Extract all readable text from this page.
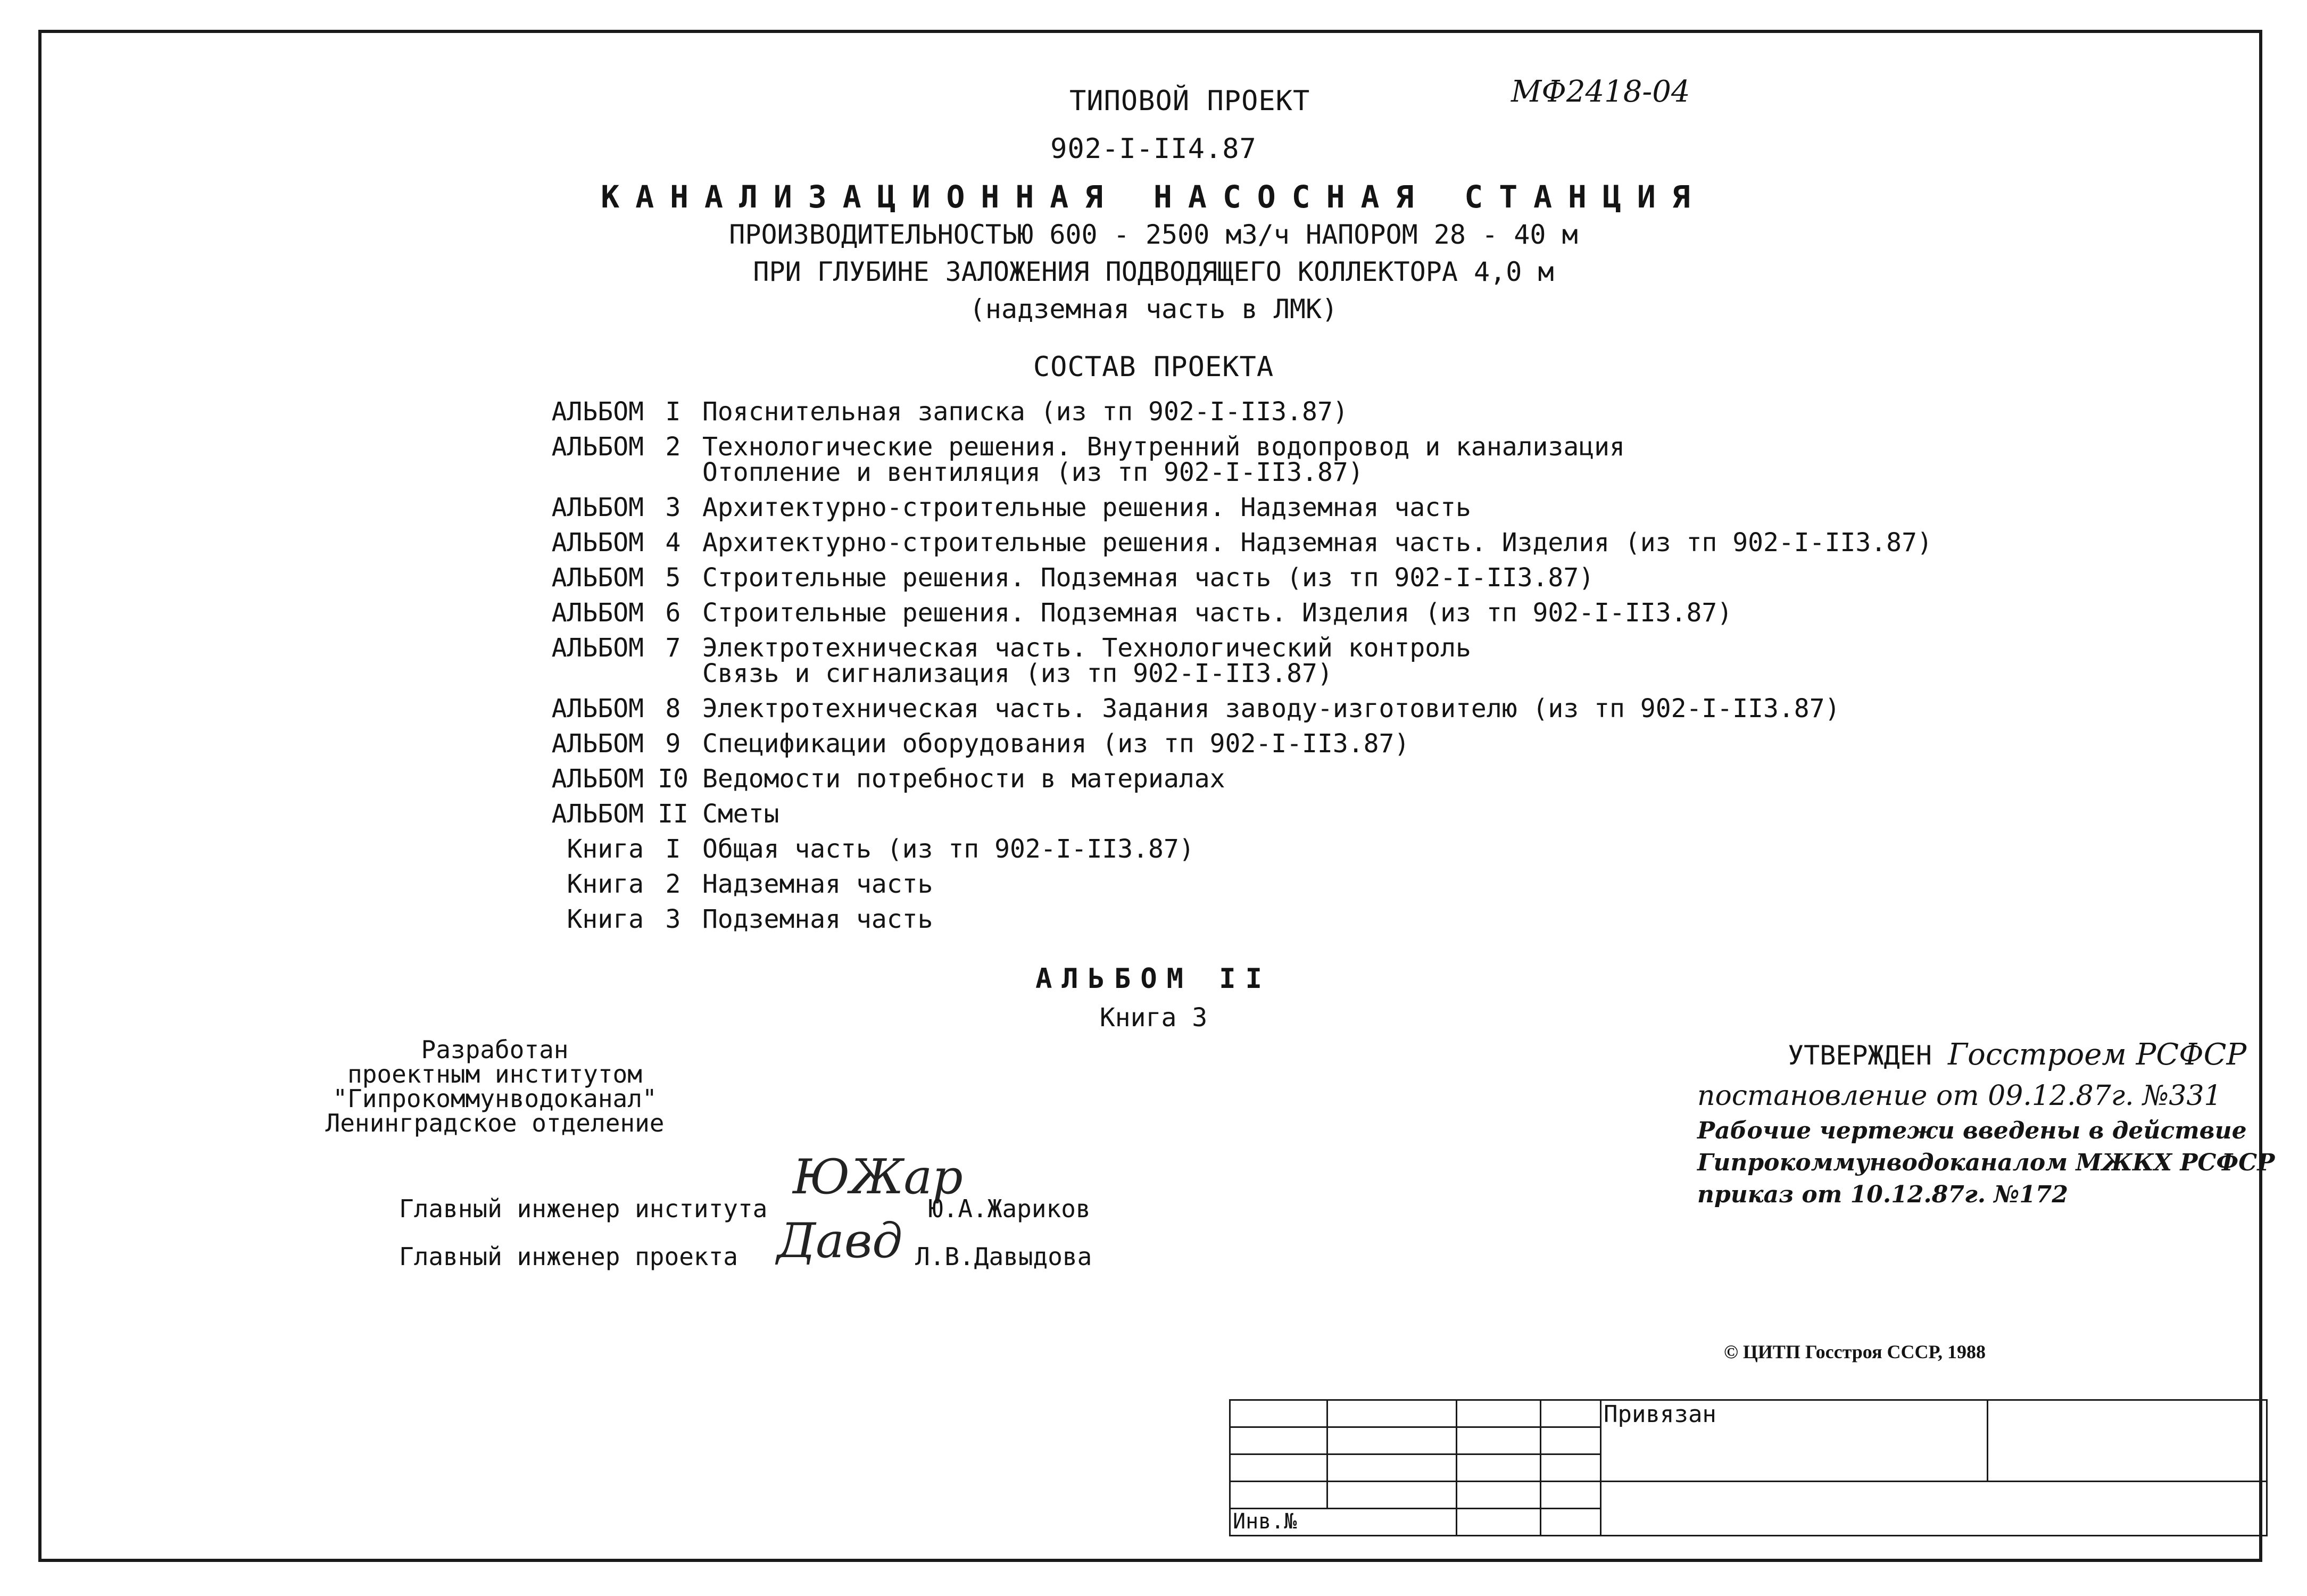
ТИПОВОЙ ПРОЕКТ	МФ2418-04
902-I-II4.87
КАНАЛИЗАЦИОННАЯ НАСОСНАЯ СТАНЦИЯ
ПРОИЗВОДИТЕЛЬНОСТЬЮ 600 - 2500 м3/ч НАПОРОМ 28 - 40 м
ПРИ ГЛУБИНЕ ЗАЛОЖЕНИЯ ПОДВОДЯЩЕГО КОЛЛЕКТОРА 4,0 м
(надземная часть в ЛМК)
СОСТАВ ПРОЕКТА
АЛЬБОМ I Пояснительная записка (из тп 902-I-II3.87)
АЛЬБОМ 2 Технологические решения. Внутренний водопровод и канализация
Отопление и вентиляция (из тп 902-I-II3.87)
АЛЬБОМ 3 Архитектурно-строительные решения. Надземная часть
АЛЬБОМ 4 Архитектурно-строительные решения. Надземная часть. Изделия (из тп 902-I-II3.87)
АЛЬБОМ 5 Строительные решения. Подземная часть (из тп 902-I-II3.87)
АЛЬБОМ 6 Строительные решения. Подземная часть. Изделия (из тп 902-I-II3.87)
АЛЬБОМ 7 Электротехническая часть. Технологический контроль
Связь и сигнализация (из тп 902-I-II3.87)
АЛЬБОМ 8 Электротехническая часть. Задания заводу-изготовителю (из тп 902-I-II3.87)
АЛЬБОМ 9 Спецификации оборудования (из тп 902-I-II3.87)
АЛЬБОМ I0 Ведомости потребности в материалах
АЛЬБОМ II Сметы
Книга I Общая часть (из тп 902-I-II3.87)
Книга 2 Надземная часть
Книга 3 Подземная часть
АЛЬБОМ II
Книга 3
Разработан
проектным институтом
"Гипрокоммунводоканал"
Ленинградское отделение
Главный инженер института
ЮЖар
Ю.А.Жариков
Главный инженер проекта Давд Л.В.Давыдова
УТВЕРЖДЕН Госстроем РСФСР
постановление от 09.12.87г. №331
Рабочие чертежи введены в действие
Гипрокоммунводоканалом МЖКХ РСФСР
приказ от 10.12.87г. №172
© ЦИТП Госстроя СССР, 1988
				Привязан	

Инв.№					
